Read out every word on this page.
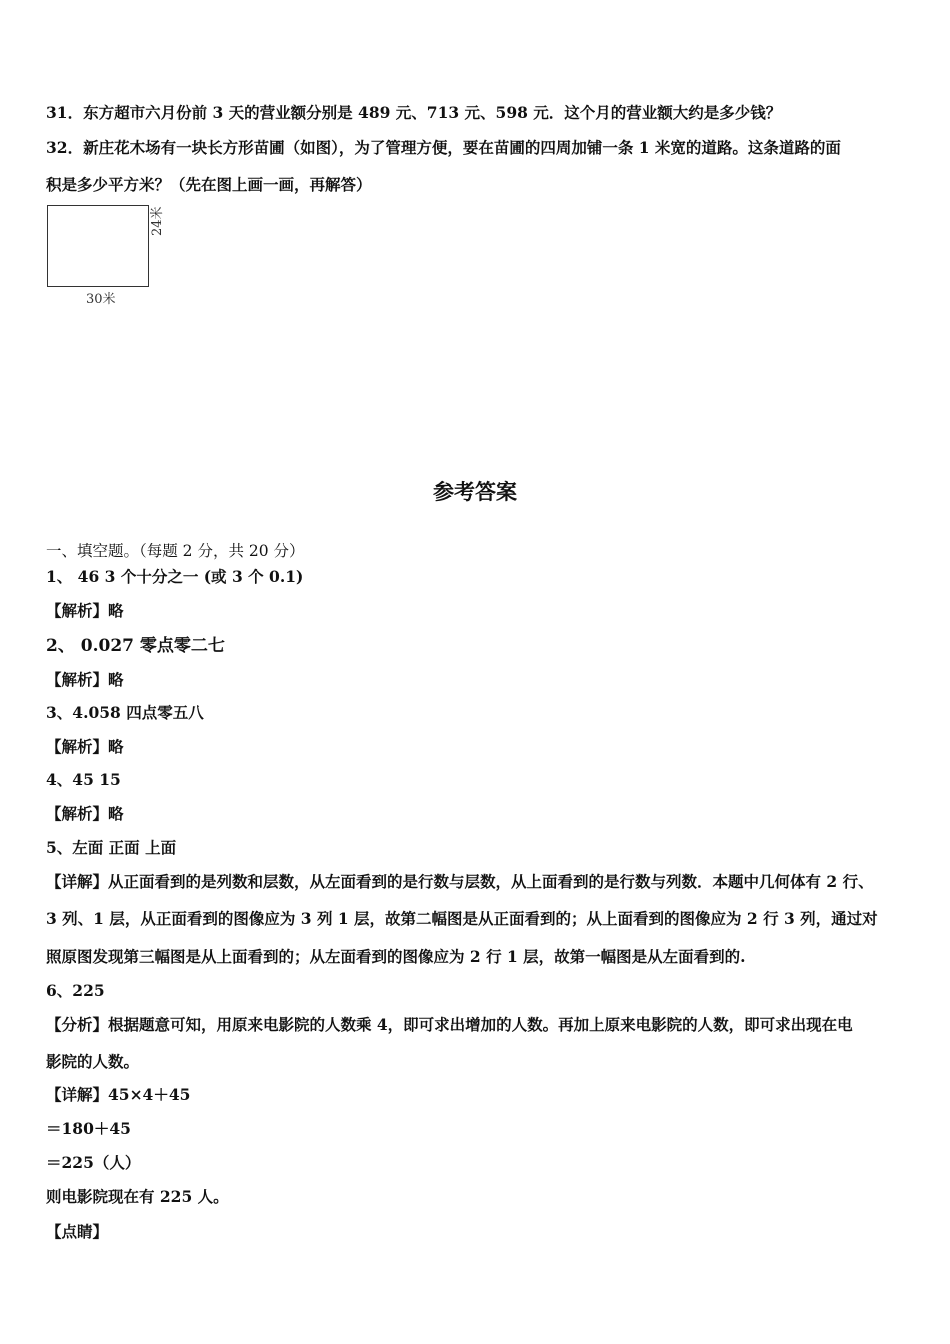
31．东方超市六月份前 3 天的营业额分别是 489 元、713 元、598 元．这个月的营业额大约是多少钱？
32．新庄花木场有一块长方形苗圃（如图），为了管理方便，要在苗圃的四周加铺一条 1 米宽的道路。这条道路的面
积是多少平方米？（先在图上画一画，再解答）
30米
24米
参考答案
一、填空题。（每题 2 分，共 20 分）
1、 46 3 个十分之一 (或 3 个 0.1)
【解析】略
2、 0.027 零点零二七
【解析】略
3、4.058 四点零五八
【解析】略
4、45 15
【解析】略
5、左面 正面 上面
【详解】从正面看到的是列数和层数，从左面看到的是行数与层数，从上面看到的是行数与列数．本题中几何体有 2 行、
3 列、1 层，从正面看到的图像应为 3 列 1 层，故第二幅图是从正面看到的；从上面看到的图像应为 2 行 3 列，通过对
照原图发现第三幅图是从上面看到的；从左面看到的图像应为 2 行 1 层，故第一幅图是从左面看到的.
6、225
【分析】根据题意可知，用原来电影院的人数乘 4，即可求出增加的人数。再加上原来电影院的人数，即可求出现在电
影院的人数。
【详解】45×4＋45
＝180＋45
＝225（人）
则电影院现在有 225 人。
【点睛】
